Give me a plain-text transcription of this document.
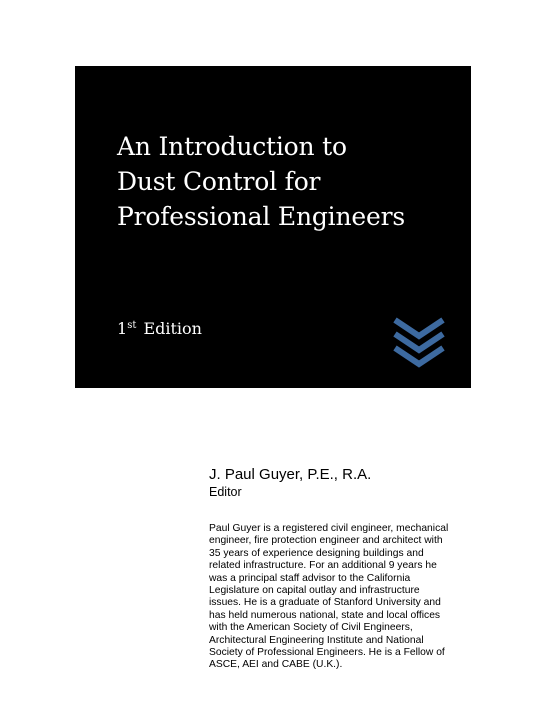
An Introduction to
Dust Control for
Professional Engineers
1st Edition
J. Paul Guyer, P.E., R.A.
Editor
Paul Guyer is a registered civil engineer, mechanical engineer, fire protection engineer and architect with 35 years of experience designing buildings and related infrastructure. For an additional 9 years he was a principal staff advisor to the California Legislature on capital outlay and infrastructure issues. He is a graduate of Stanford University and has held numerous national, state and local offices with the American Society of Civil Engineers, Architectural Engineering Institute and National Society of Professional Engineers. He is a Fellow of ASCE, AEI and CABE (U.K.).
